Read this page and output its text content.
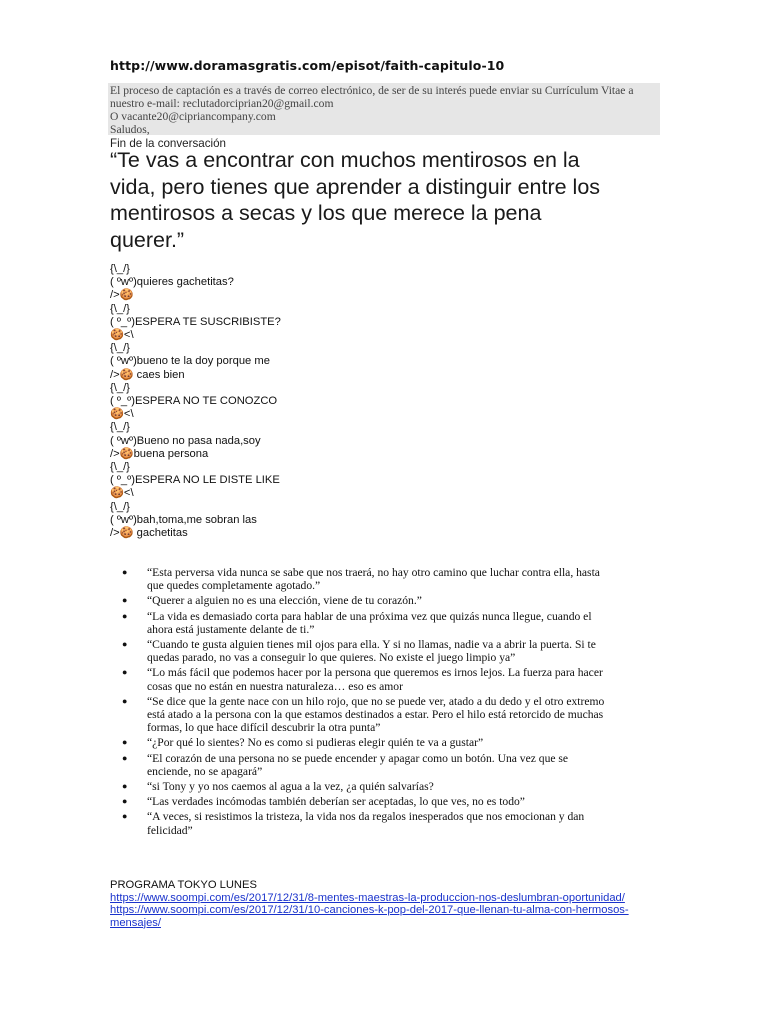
http://www.doramasgratis.com/episot/faith-capitulo-10
El proceso de captación es a través de correo electrónico, de ser de su interés puede enviar su Currículum Vitae a
nuestro e-mail: reclutadorciprian20@gmail.com
O vacante20@cipriancompany.com
Saludos,
Fin de la conversación
“Te vas a encontrar con muchos mentirosos en la
vida, pero tienes que aprender a distinguir entre los
mentirosos a secas y los que merece la pena
querer.”
{\_/}
( ºwº)quieres gachetitas?
/>🍪
{\_/}
( º_º)ESPERA TE SUSCRIBISTE?
🍪<\
{\_/}
( ºwº)bueno te la doy porque me
/>🍪 caes bien
{\_/}
( º_º)ESPERA NO TE CONOZCO
🍪<\
{\_/}
( ºwº)Bueno no pasa nada,soy
/>🍪buena persona
{\_/}
( º_º)ESPERA NO LE DISTE LIKE
🍪<\
{\_/}
( ºwº)bah,toma,me sobran las
/>🍪 gachetitas
● “Esta perversa vida nunca se sabe que nos traerá, no hay otro camino que luchar contra ella, hasta
que quedes completamente agotado.”
● “Querer a alguien no es una elección, viene de tu corazón.”
● “La vida es demasiado corta para hablar de una próxima vez que quizás nunca llegue, cuando el
ahora está justamente delante de ti.”
● “Cuando te gusta alguien tienes mil ojos para ella. Y si no llamas, nadie va a abrir la puerta. Si te
quedas parado, no vas a conseguir lo que quieres. No existe el juego limpio ya”
● “Lo más fácil que podemos hacer por la persona que queremos es irnos lejos. La fuerza para hacer
cosas que no están en nuestra naturaleza… eso es amor
● “Se dice que la gente nace con un hilo rojo, que no se puede ver, atado a du dedo y el otro extremo
está atado a la persona con la que estamos destinados a estar. Pero el hilo está retorcido de muchas
formas, lo que hace difícil descubrir la otra punta”
● “¿Por qué lo sientes? No es como si pudieras elegir quién te va a gustar”
● “El corazón de una persona no se puede encender y apagar como un botón. Una vez que se
enciende, no se apagará”
● “si Tony y yo nos caemos al agua a la vez, ¿a quién salvarías?
● “Las verdades incómodas también deberían ser aceptadas, lo que ves, no es todo”
● “A veces, si resistimos la tristeza, la vida nos da regalos inesperados que nos emocionan y dan
felicidad”
PROGRAMA TOKYO LUNES
https://www.soompi.com/es/2017/12/31/8-mentes-maestras-la-produccion-nos-deslumbran-oportunidad/
https://www.soompi.com/es/2017/12/31/10-canciones-k-pop-del-2017-que-llenan-tu-alma-con-hermosos-
mensajes/
